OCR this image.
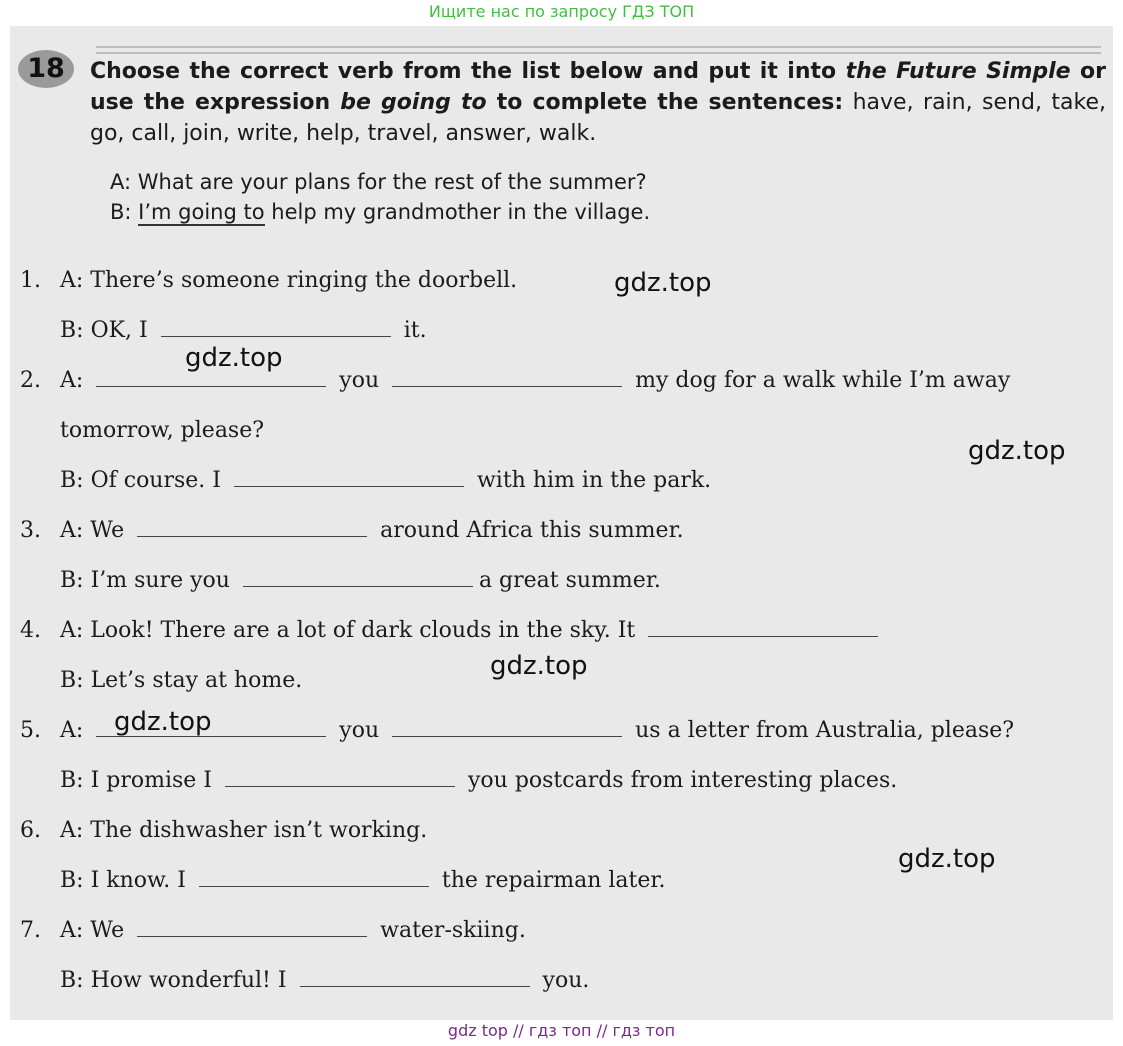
Ищите нас по запросу ГДЗ ТОП
18	Choose the correct verb from the list below and put it into the Future Simple or use the expression be going to to complete the sentences: have, rain, send, take, go, call, join, write, help, travel, answer, walk.
A: What are your plans for the rest of the summer?
B: I’m going to help my grandmother in the village.
1. A: There’s someone ringing the doorbell.
B: OK, I	it.
2. A:	you	my dog for a walk while I’m away
tomorrow, please?
B: Of course. I	with him in the park.
3. A: We	around Africa this summer.
B: I’m sure you	a great summer.
4. A: Look! There are a lot of dark clouds in the sky. It
B: Let’s stay at home.
5. A:	you	us a letter from Australia, please?
B: I promise I	you postcards from interesting places.
6. A: The dishwasher isn’t working.
B: I know. I	the repairman later.
7. A: We	water-skiing.
B: How wonderful! I	you.
gdz.top
gdz.top
gdz.top
gdz.top
gdz.top
gdz.top
gdz top // гдз топ // гдз топ
